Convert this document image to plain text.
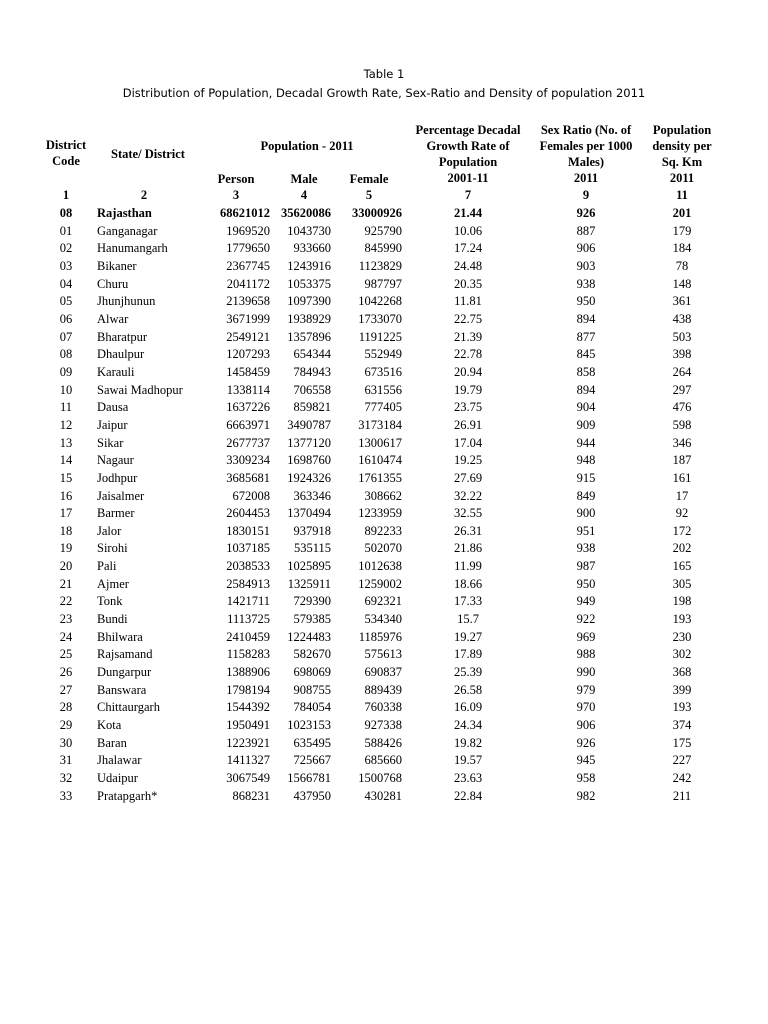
Table 1
Distribution of Population, Decadal Growth Rate, Sex-Ratio and Density of population 2011
District
Code	State/ District
Population - 2011
Person	Male	Female
Percentage Decadal
Growth Rate of
Population
2001-11
Sex Ratio (No. of
Females per 1000
Males)
2011
Population
density per
Sq. Km
2011
1	2	3	4	5	7	9	11
08	Rajasthan	68621012 35620086 33000926	21.44	926	201
01	Ganganagar	1969520 1043730	925790	10.06	887	179
02	Hanumangarh	1779650 933660	845990	17.24	906	184
03	Bikaner	2367745 1243916 1123829	24.48	903	78
04	Churu	2041172 1053375	987797	20.35	938	148
05	Jhunjhunun	2139658 1097390 1042268	11.81	950	361
06	Alwar	3671999 1938929 1733070	22.75	894	438
07	Bharatpur	2549121 1357896 1191225	21.39	877	503
08	Dhaulpur	1207293 654344	552949	22.78	845	398
09	Karauli	1458459 784943	673516	20.94	858	264
10	Sawai Madhopur	1338114 706558	631556	19.79	894	297
11	Dausa	1637226 859821	777405	23.75	904	476
12	Jaipur	6663971 3490787 3173184	26.91	909	598
13	Sikar	2677737 1377120 1300617	17.04	944	346
14	Nagaur	3309234 1698760 1610474	19.25	948	187
15	Jodhpur	3685681 1924326 1761355	27.69	915	161
16	Jaisalmer	672008 363346	308662	32.22	849	17
17	Barmer	2604453 1370494 1233959	32.55	900	92
18	Jalor	1830151 937918	892233	26.31	951	172
19	Sirohi	1037185 535115	502070	21.86	938	202
20	Pali	2038533 1025895 1012638	11.99	987	165
21	Ajmer	2584913 1325911 1259002	18.66	950	305
22	Tonk	1421711 729390	692321	17.33	949	198
23	Bundi	1113725 579385	534340	15.7	922	193
24	Bhilwara	2410459 1224483 1185976	19.27	969	230
25	Rajsamand	1158283 582670	575613	17.89	988	302
26	Dungarpur	1388906 698069	690837	25.39	990	368
27	Banswara	1798194 908755	889439	26.58	979	399
28	Chittaurgarh	1544392 784054	760338	16.09	970	193
29	Kota	1950491 1023153	927338	24.34	906	374
30	Baran	1223921 635495	588426	19.82	926	175
31	Jhalawar	1411327 725667	685660	19.57	945	227
32	Udaipur	3067549 1566781 1500768	23.63	958	242
33	Pratapgarh*	868231 437950	430281	22.84	982	211
